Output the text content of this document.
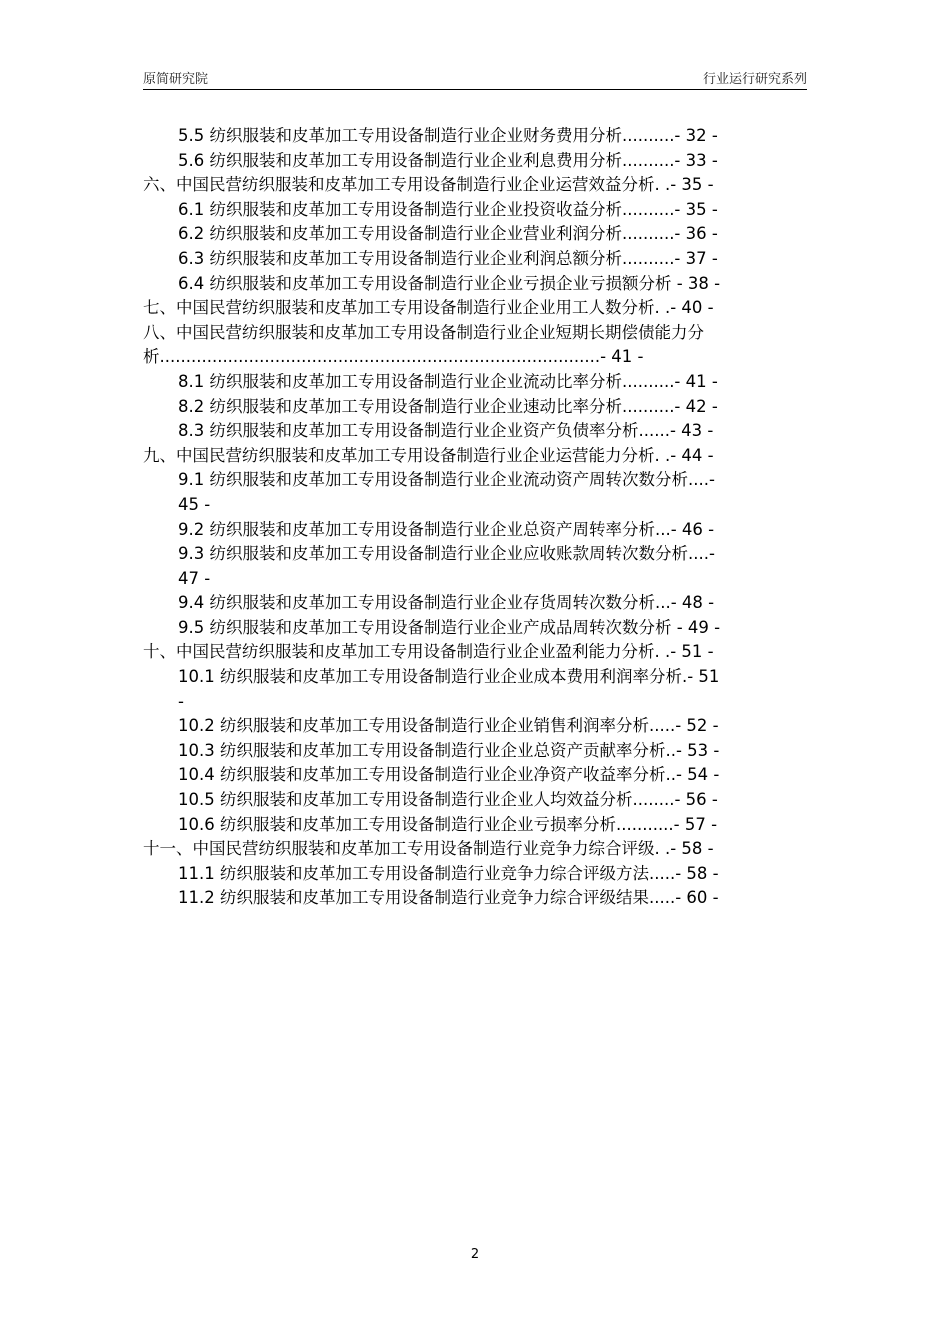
原简研究院	行业运行研究系列
5.5 纺织服装和皮革加工专用设备制造行业企业财务费用分析..........- 32 -
5.6 纺织服装和皮革加工专用设备制造行业企业利息费用分析..........- 33 -
六、中国民营纺织服装和皮革加工专用设备制造行业企业运营效益分析. .- 35 -
6.1 纺织服装和皮革加工专用设备制造行业企业投资收益分析..........- 35 -
6.2 纺织服装和皮革加工专用设备制造行业企业营业利润分析..........- 36 -
6.3 纺织服装和皮革加工专用设备制造行业企业利润总额分析..........- 37 -
6.4 纺织服装和皮革加工专用设备制造行业企业亏损企业亏损额分析 - 38 -
七、中国民营纺织服装和皮革加工专用设备制造行业企业用工人数分析. .- 40 -
八、中国民营纺织服装和皮革加工专用设备制造行业企业短期长期偿债能力分
析....................................................................................- 41 -
8.1 纺织服装和皮革加工专用设备制造行业企业流动比率分析..........- 41 -
8.2 纺织服装和皮革加工专用设备制造行业企业速动比率分析..........- 42 -
8.3 纺织服装和皮革加工专用设备制造行业企业资产负债率分析......- 43 -
九、中国民营纺织服装和皮革加工专用设备制造行业企业运营能力分析. .- 44 -
9.1 纺织服装和皮革加工专用设备制造行业企业流动资产周转次数分析....-
45 -
9.2 纺织服装和皮革加工专用设备制造行业企业总资产周转率分析...- 46 -
9.3 纺织服装和皮革加工专用设备制造行业企业应收账款周转次数分析....-
47 -
9.4 纺织服装和皮革加工专用设备制造行业企业存货周转次数分析...- 48 -
9.5 纺织服装和皮革加工专用设备制造行业企业产成品周转次数分析 - 49 -
十、中国民营纺织服装和皮革加工专用设备制造行业企业盈利能力分析. .- 51 -
10.1 纺织服装和皮革加工专用设备制造行业企业成本费用利润率分析.- 51
-
10.2 纺织服装和皮革加工专用设备制造行业企业销售利润率分析.....- 52 -
10.3 纺织服装和皮革加工专用设备制造行业企业总资产贡献率分析..- 53 -
10.4 纺织服装和皮革加工专用设备制造行业企业净资产收益率分析..- 54 -
10.5 纺织服装和皮革加工专用设备制造行业企业人均效益分析........- 56 -
10.6 纺织服装和皮革加工专用设备制造行业企业亏损率分析...........- 57 -
十一、中国民营纺织服装和皮革加工专用设备制造行业竞争力综合评级. .- 58 -
11.1 纺织服装和皮革加工专用设备制造行业竞争力综合评级方法.....- 58 -
11.2 纺织服装和皮革加工专用设备制造行业竞争力综合评级结果.....- 60 -
2
